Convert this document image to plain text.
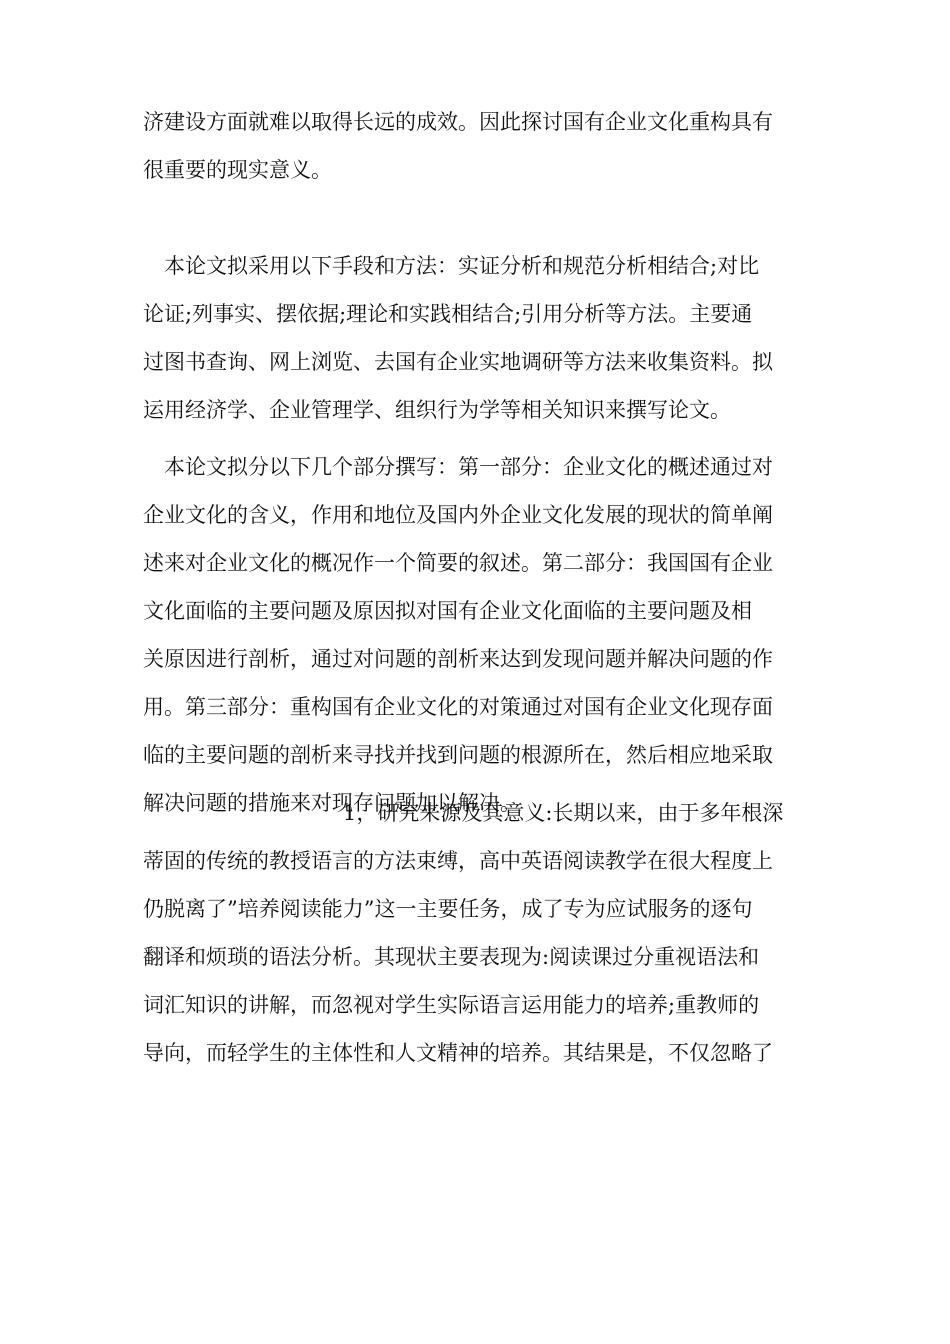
济建设方面就难以取得长远的成效。因此探讨国有企业文化重构具有
很重要的现实意义。
本论文拟采用以下手段和方法：实证分析和规范分析相结合;对比
论证;列事实、摆依据;理论和实践相结合;引用分析等方法。主要通
过图书查询、网上浏览、去国有企业实地调研等方法来收集资料。拟
运用经济学、企业管理学、组织行为学等相关知识来撰写论文。
本论文拟分以下几个部分撰写：第一部分：企业文化的概述通过对
企业文化的含义，作用和地位及国内外企业文化发展的现状的简单阐
述来对企业文化的概况作一个简要的叙述。第二部分：我国国有企业
文化面临的主要问题及原因拟对国有企业文化面临的主要问题及相
关原因进行剖析，通过对问题的剖析来达到发现问题并解决问题的作
用。第三部分：重构国有企业文化的对策通过对国有企业文化现存面
临的主要问题的剖析来寻找并找到问题的根源所在，然后相应地采取
解决问题的措施来对现存问题加以解决。
1，研究来源及其意义:长期以来，由于多年根深
蒂固的传统的教授语言的方法束缚，高中英语阅读教学在很大程度上
仍脱离了”培养阅读能力”这一主要任务，成了专为应试服务的逐句
翻译和烦琐的语法分析。其现状主要表现为:阅读课过分重视语法和
词汇知识的讲解，而忽视对学生实际语言运用能力的培养;重教师的
导向，而轻学生的主体性和人文精神的培养。其结果是，不仅忽略了
